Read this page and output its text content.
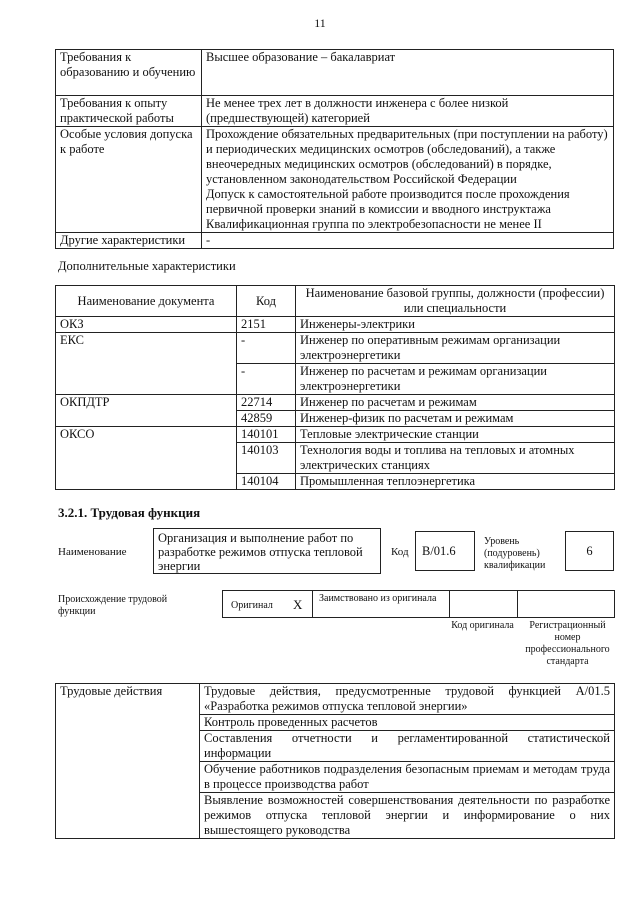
11
Требования к образованию и обучению	Высшее образование – бакалавриат
Требования к опыту практической работы	Не менее трех лет в должности инженера с более низкой (предшествующей) категорией
Особые условия допуска к работе	Прохождение обязательных предварительных (при поступлении на работу) и периодических медицинских осмотров (обследований), а также внеочередных медицинских осмотров (обследований) в порядке, установленном законодательством Российской Федерации
Допуск к самостоятельной работе производится после прохождения первичной проверки знаний в комиссии и вводного инструктажа
Квалификационная группа по электробезопасности не менее II

Другие характеристики	-
Дополнительные характеристики
Наименование документа	Код	Наименование базовой группы, должности (профессии) или специальности
ОКЗ	2151	Инженеры-электрики
ЕКС	-	Инженер по оперативным режимам организации электроэнергетики
	-	Инженер по расчетам и режимам организации электроэнергетики
ОКПДТР	22714	Инженер по расчетам и режимам
	42859	Инженер-физик по расчетам и режимам
ОКСО	140101	Тепловые электрические станции
	140103	Технология воды и топлива на тепловых и атомных электрических станциях
	140104	Промышленная теплоэнергетика
3.2.1. Трудовая функция
Наименование
Организация и выполнение работ по разработке режимов отпуска тепловой энергии
Код	B/01.6
Уровень (подуровень) квалификации
6
Происхождение трудовой функции
Оригинал X Заимствовано из оригинала
Код оригинала	Регистрационный номер профессионального стандарта
Трудовые действия	Трудовые действия, предусмотренные трудовой функцией А/01.5 «Разработка режимов отпуска тепловой энергии»
Контроль проведенных расчетов
Составления отчетности и регламентированной статистической информации
Обучение работников подразделения безопасным приемам и методам труда в процессе производства работ
Выявление возможностей совершенствования деятельности по разработке режимов отпуска тепловой энергии и информирование о них вышестоящего руководства
